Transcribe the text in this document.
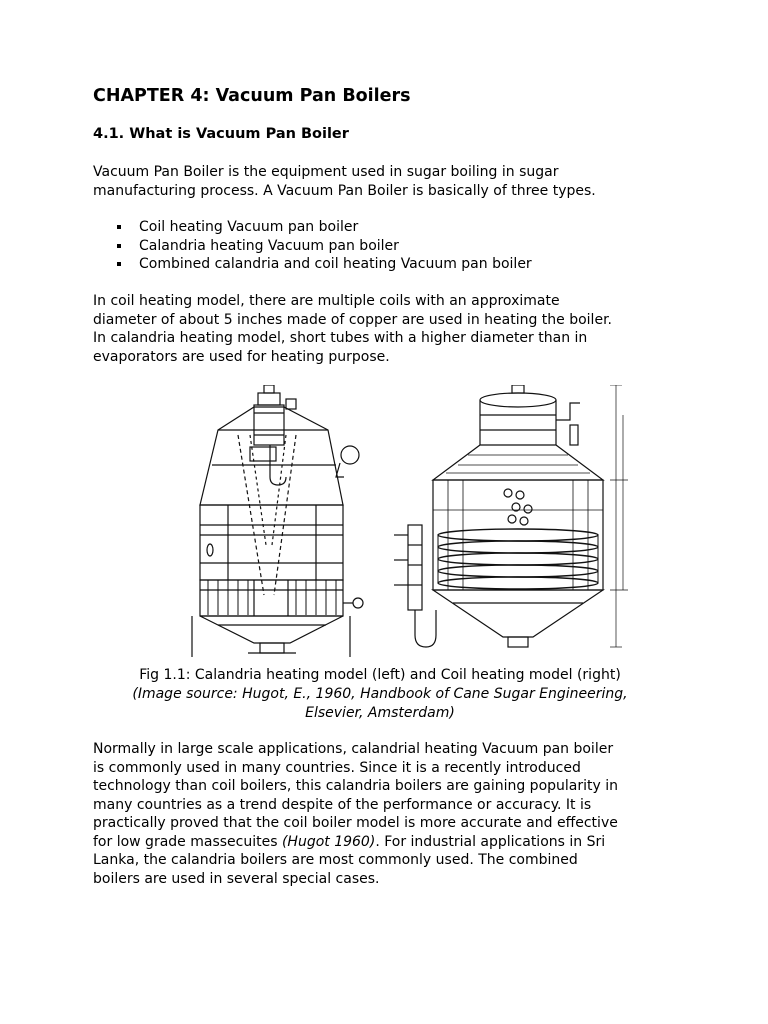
CHAPTER 4: Vacuum Pan Boilers
4.1. What is Vacuum Pan Boiler
Vacuum Pan Boiler is the equipment used in sugar boiling in sugar
manufacturing process. A Vacuum Pan Boiler is basically of three types.
Coil heating Vacuum pan boiler
Calandria heating Vacuum pan boiler
Combined calandria and coil heating Vacuum pan boiler
In coil heating model, there are multiple coils with an approximate
diameter of about 5 inches made of copper are used in heating the boiler.
In calandria heating model, short tubes with a higher diameter than in
evaporators are used for heating purpose.
Fig 1.1: Calandria heating model (left) and Coil heating model (right)
(Image source: Hugot, E., 1960, Handbook of Cane Sugar Engineering,
Elsevier, Amsterdam)
Normally in large scale applications, calandrial heating Vacuum pan boiler
is commonly used in many countries. Since it is a recently introduced
technology than coil boilers, this calandria boilers are gaining popularity in
many countries as a trend despite of the performance or accuracy. It is
practically proved that the coil boiler model is more accurate and effective
for low grade massecuites (Hugot 1960). For industrial applications in Sri
Lanka, the calandria boilers are most commonly used. The combined
boilers are used in several special cases.
